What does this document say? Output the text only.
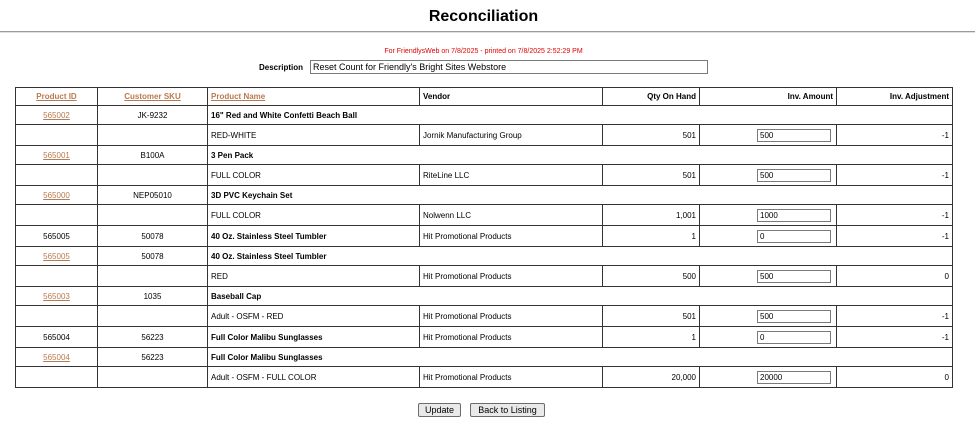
Reconciliation
For FriendlysWeb on 7/8/2025 - printed on 7/8/2025 2:52:29 PM
Description
Reset Count for Friendly's Bright Sites Webstore
Product ID	Customer SKU	Product Name	Vendor	Qty On Hand	Inv. Amount	Inv. Adjustment
565002	JK-9232	16" Red and White Confetti Beach Ball				
		RED-WHITE	Jornik Manufacturing Group	501	500	-1
565001	B100A	3 Pen Pack				
		FULL COLOR	RiteLine LLC	501	500	-1
565000	NEP05010	3D PVC Keychain Set				
		FULL COLOR	Nolwenn LLC	1,001	1000	-1
565005	50078	40 Oz. Stainless Steel Tumbler	Hit Promotional Products	1	0	-1
565005	50078	40 Oz. Stainless Steel Tumbler				
		RED	Hit Promotional Products	500	500	0
565003	1035	Baseball Cap				
		Adult - OSFM - RED	Hit Promotional Products	501	500	-1
565004	56223	Full Color Malibu Sunglasses	Hit Promotional Products	1	0	-1
565004	56223	Full Color Malibu Sunglasses				
		Adult - OSFM - FULL COLOR	Hit Promotional Products	20,000	20000	0
Update	Back to Listing
